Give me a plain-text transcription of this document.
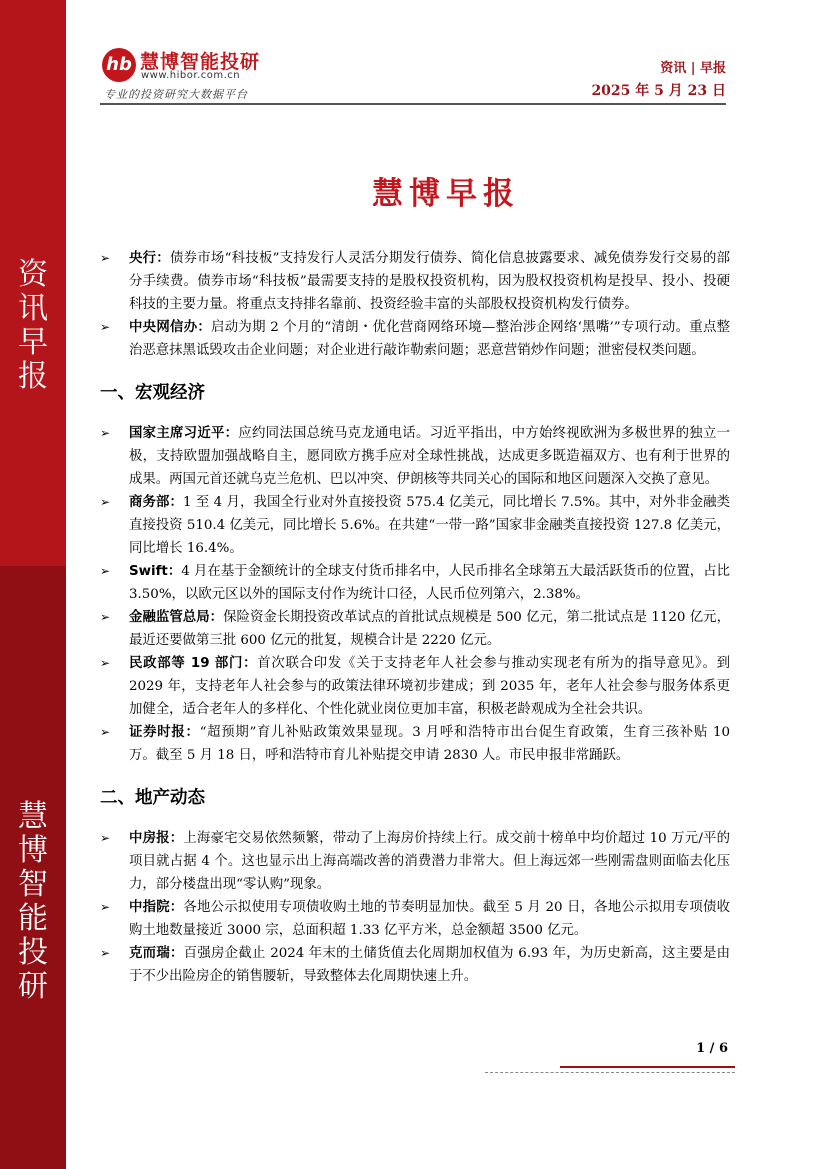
资
讯
早
报
慧
博
智
能
投
研
hb 慧博智能投研
www.hibor.com.cn
专业的投资研究大数据平台
资讯 | 早报
2025 年 5 月 23 日
慧博早报
➢ 央行：债券市场“科技板”支持发行人灵活分期发行债券、简化信息披露要求、减免债券发行交易的部分手续费。债券市场“科技板”最需要支持的是股权投资机构，因为股权投资机构是投早、投小、投硬科技的主要力量。将重点支持排名靠前、投资经验丰富的头部股权投资机构发行债券。
➢ 中央网信办：启动为期 2 个月的“清朗・优化营商网络环境—整治涉企网络‘黑嘴’”专项行动。重点整治恶意抹黑诋毁攻击企业问题；对企业进行敲诈勒索问题；恶意营销炒作问题；泄密侵权类问题。
一、宏观经济
➢ 国家主席习近平：应约同法国总统马克龙通电话。习近平指出，中方始终视欧洲为多极世界的独立一极，支持欧盟加强战略自主，愿同欧方携手应对全球性挑战，达成更多既造福双方、也有利于世界的成果。两国元首还就乌克兰危机、巴以冲突、伊朗核等共同关心的国际和地区问题深入交换了意见。
➢ 商务部：1 至 4 月，我国全行业对外直接投资 575.4 亿美元，同比增长 7.5%。其中，对外非金融类直接投资 510.4 亿美元，同比增长 5.6%。在共建“一带一路”国家非金融类直接投资 127.8 亿美元，同比增长 16.4%。
➢ Swift：4 月在基于金额统计的全球支付货币排名中，人民币排名全球第五大最活跃货币的位置，占比 3.50%，以欧元区以外的国际支付作为统计口径，人民币位列第六，2.38%。
➢ 金融监管总局：保险资金长期投资改革试点的首批试点规模是 500 亿元，第二批试点是 1120 亿元，最近还要做第三批 600 亿元的批复，规模合计是 2220 亿元。
➢ 民政部等 19 部门：首次联合印发《关于支持老年人社会参与推动实现老有所为的指导意见》。到 2029 年，支持老年人社会参与的政策法律环境初步建成；到 2035 年，老年人社会参与服务体系更加健全，适合老年人的多样化、个性化就业岗位更加丰富，积极老龄观成为全社会共识。
➢ 证券时报：“超预期”育儿补贴政策效果显现。3 月呼和浩特市出台促生育政策，生育三孩补贴 10 万。截至 5 月 18 日，呼和浩特市育儿补贴提交申请 2830 人。市民申报非常踊跃。
二、地产动态
➢ 中房报：上海豪宅交易依然频繁，带动了上海房价持续上行。成交前十榜单中均价超过 10 万元/平的项目就占据 4 个。这也显示出上海高端改善的消费潜力非常大。但上海远郊一些刚需盘则面临去化压力，部分楼盘出现“零认购”现象。
➢ 中指院：各地公示拟使用专项债收购土地的节奏明显加快。截至 5 月 20 日，各地公示拟用专项债收购土地数量接近 3000 宗，总面积超 1.33 亿平方米，总金额超 3500 亿元。
➢ 克而瑞：百强房企截止 2024 年末的土储货值去化周期加权值为 6.93 年，为历史新高，这主要是由于不少出险房企的销售腰斩，导致整体去化周期快速上升。
1 / 6
